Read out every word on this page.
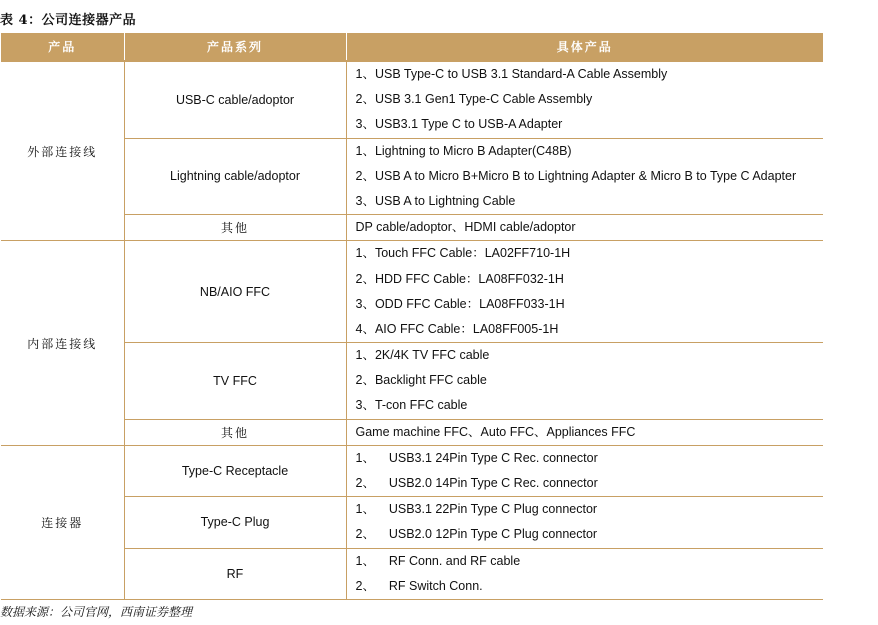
表 4：公司连接器产品
产品	产品系列	具体产品
外部连接线	USB-C cable/adoptor	1、USB Type-C to USB 3.1 Standard-A Cable Assembly
2、USB 3.1 Gen1 Type-C Cable Assembly
3、USB3.1 Type C to USB-A Adapter

	Lightning cable/adoptor	1、Lightning to Micro B Adapter(C48B)
2、USB A to Micro B+Micro B to Lightning Adapter & Micro B to Type C Adapter
3、USB A to Lightning Cable

	其他	DP cable/adoptor、HDMI cable/adoptor

内部连接线	NB/AIO FFC	1、Touch FFC Cable：LA02FF710-1H
2、HDD FFC Cable：LA08FF032-1H
3、ODD FFC Cable：LA08FF033-1H
4、AIO FFC Cable：LA08FF005-1H

	TV FFC	1、2K/4K TV FFC cable
2、Backlight FFC cable
3、T-con FFC cable

	其他	Game machine FFC、Auto FFC、Appliances FFC

连接器	Type-C Receptacle	1、    USB3.1 24Pin Type C Rec. connector
2、    USB2.0 14Pin Type C Rec. connector

	Type-C Plug	1、    USB3.1 22Pin Type C Plug connector
2、    USB2.0 12Pin Type C Plug connector

	RF	1、    RF Conn. and RF cable
2、    RF Switch Conn.
数据来源：公司官网，西南证券整理
